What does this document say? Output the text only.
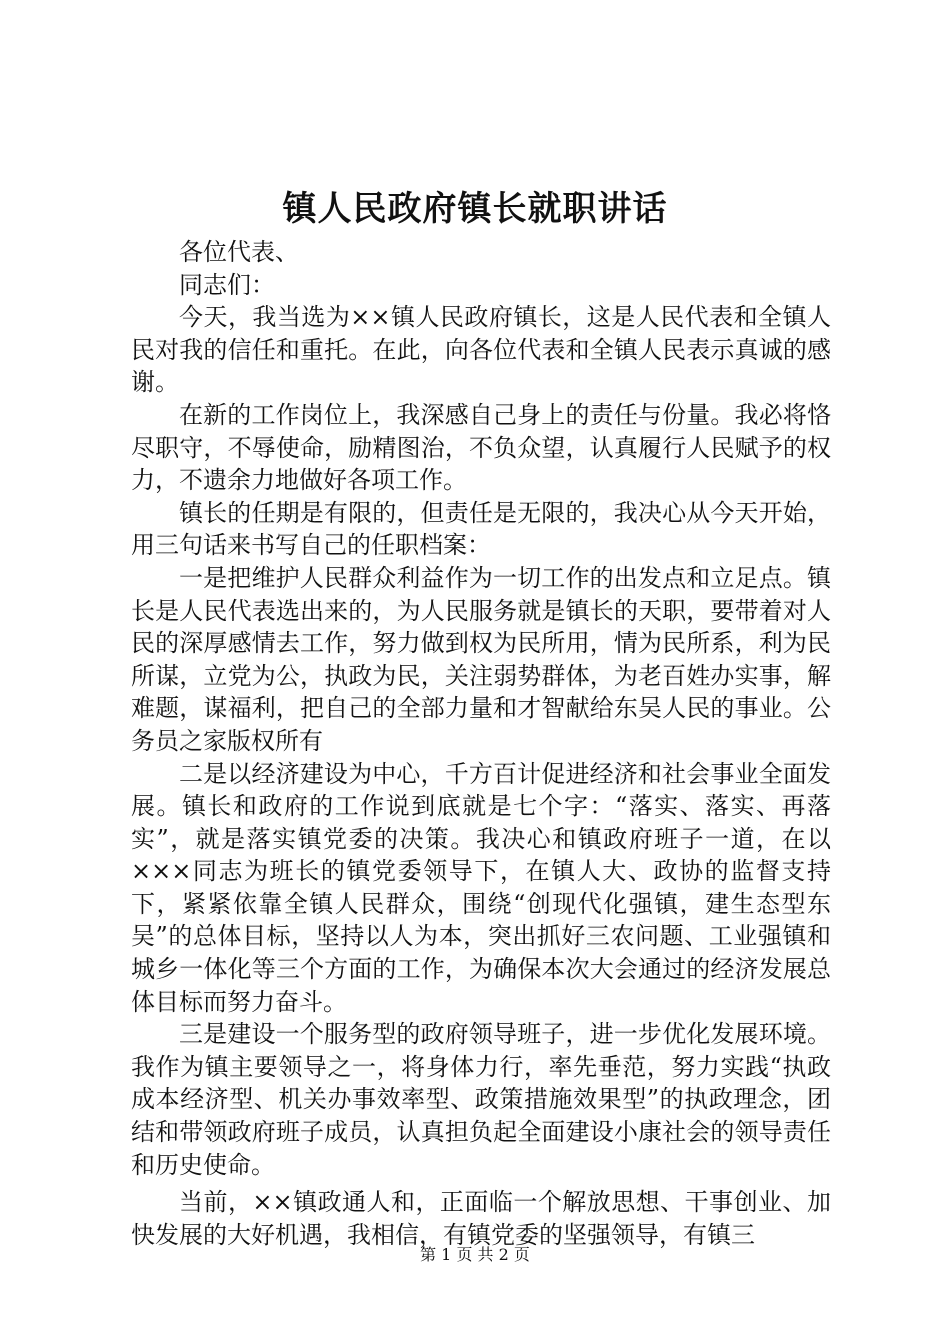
镇人民政府镇长就职讲话

各位代表、

同志们：

今天，我当选为××镇人民政府镇长，这是人民代表和全镇人民对我的信任和重托。在此，向各位代表和全镇人民表示真诚的感谢。

在新的工作岗位上，我深感自己身上的责任与份量。我必将恪尽职守，不辱使命，励精图治，不负众望，认真履行人民赋予的权力，不遗余力地做好各项工作。

镇长的任期是有限的，但责任是无限的，我决心从今天开始，用三句话来书写自己的任职档案：

一是把维护人民群众利益作为一切工作的出发点和立足点。镇长是人民代表选出来的，为人民服务就是镇长的天职，要带着对人民的深厚感情去工作，努力做到权为民所用，情为民所系，利为民所谋，立党为公，执政为民，关注弱势群体，为老百姓办实事，解难题，谋福利，把自己的全部力量和才智献给东吴人民的事业。公务员之家版权所有

二是以经济建设为中心，千方百计促进经济和社会事业全面发展。镇长和政府的工作说到底就是七个字：“落实、落实、再落实”，就是落实镇党委的决策。我决心和镇政府班子一道，在以×××同志为班长的镇党委领导下，在镇人大、政协的监督支持下，紧紧依靠全镇人民群众，围绕“创现代化强镇，建生态型东吴”的总体目标，坚持以人为本，突出抓好三农问题、工业强镇和城乡一体化等三个方面的工作，为确保本次大会通过的经济发展总体目标而努力奋斗。

三是建设一个服务型的政府领导班子，进一步优化发展环境。我作为镇主要领导之一，将身体力行，率先垂范，努力实践“执政成本经济型、机关办事效率型、政策措施效果型”的执政理念，团结和带领政府班子成员，认真担负起全面建设小康社会的领导责任和历史使命。

当前，××镇政通人和，正面临一个解放思想、干事创业、加快发展的大好机遇，我相信，有镇党委的坚强领导，有镇三

第 1 页 共 2 页
